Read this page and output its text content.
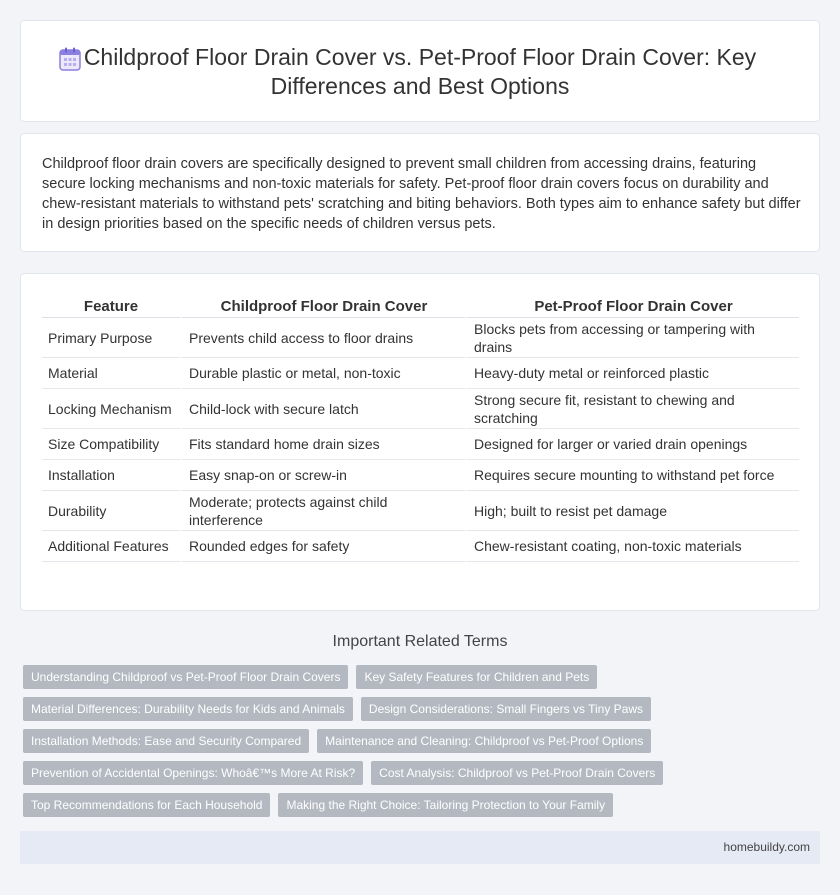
Childproof Floor Drain Cover vs. Pet-Proof Floor Drain Cover: Key Differences and Best Options

Childproof floor drain covers are specifically designed to prevent small children from accessing drains, featuring secure locking mechanisms and non-toxic materials for safety. Pet-proof floor drain covers focus on durability and chew-resistant materials to withstand pets' scratching and biting behaviors. Both types aim to enhance safety but differ in design priorities based on the specific needs of children versus pets.

Feature	Childproof Floor Drain Cover	Pet-Proof Floor Drain Cover
Primary Purpose	Prevents child access to floor drains	Blocks pets from accessing or tampering with drains
Material	Durable plastic or metal, non-toxic	Heavy-duty metal or reinforced plastic
Locking Mechanism	Child-lock with secure latch	Strong secure fit, resistant to chewing and scratching
Size Compatibility	Fits standard home drain sizes	Designed for larger or varied drain openings
Installation	Easy snap-on or screw-in	Requires secure mounting to withstand pet force
Durability	Moderate; protects against child interference	High; built to resist pet damage
Additional Features	Rounded edges for safety	Chew-resistant coating, non-toxic materials
Important Related Terms
Understanding Childproof vs Pet-Proof Floor Drain Covers	Key Safety Features for Children and Pets
Material Differences: Durability Needs for Kids and Animals	Design Considerations: Small Fingers vs Tiny Paws
Installation Methods: Ease and Security Compared	Maintenance and Cleaning: Childproof vs Pet-Proof Options
Prevention of Accidental Openings: Whoâ€™s More At Risk?	Cost Analysis: Childproof vs Pet-Proof Drain Covers
Top Recommendations for Each Household	Making the Right Choice: Tailoring Protection to Your Family
homebuildy.com
